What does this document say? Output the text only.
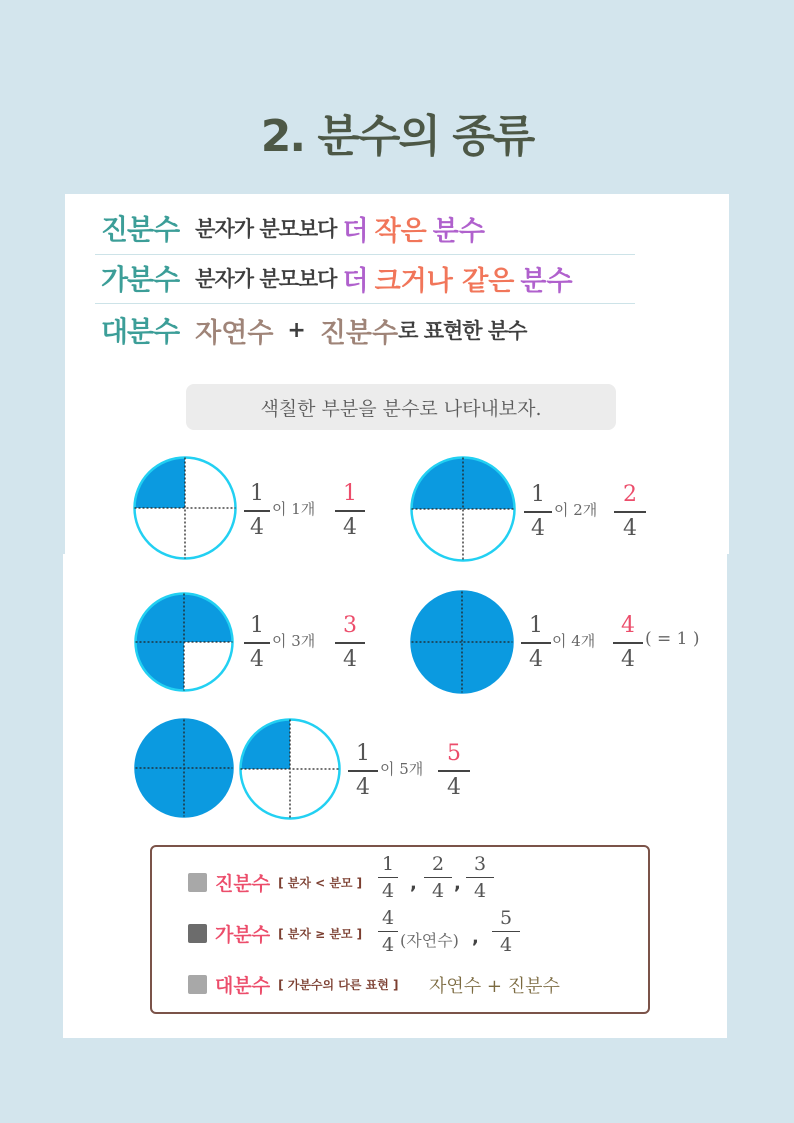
2. 분수의 종류
진분수 분자가 분모보다 더 작은 분수
가분수 분자가 분모보다 더 크거나 같은 분수
대분수 자연수 + 진분수 로 표현한 분수
색칠한 부분을 분수로 나타내보자.
1
4
이 1개
1
4
1
4
이 2개
2
4
1
4
이 3개
3
4
1
4
이 4개
4
4
( = 1 )
1
4
이 5개
5
4
진분수 [ 분자 < 분모 ]
1
4 ,
2
4 ,
3
4
가분수 [ 분자 ≥ 분모 ]
4
4 (자연수) ,
5
4
대분수 [ 가분수의 다른 표현 ] 자연수 + 진분수
